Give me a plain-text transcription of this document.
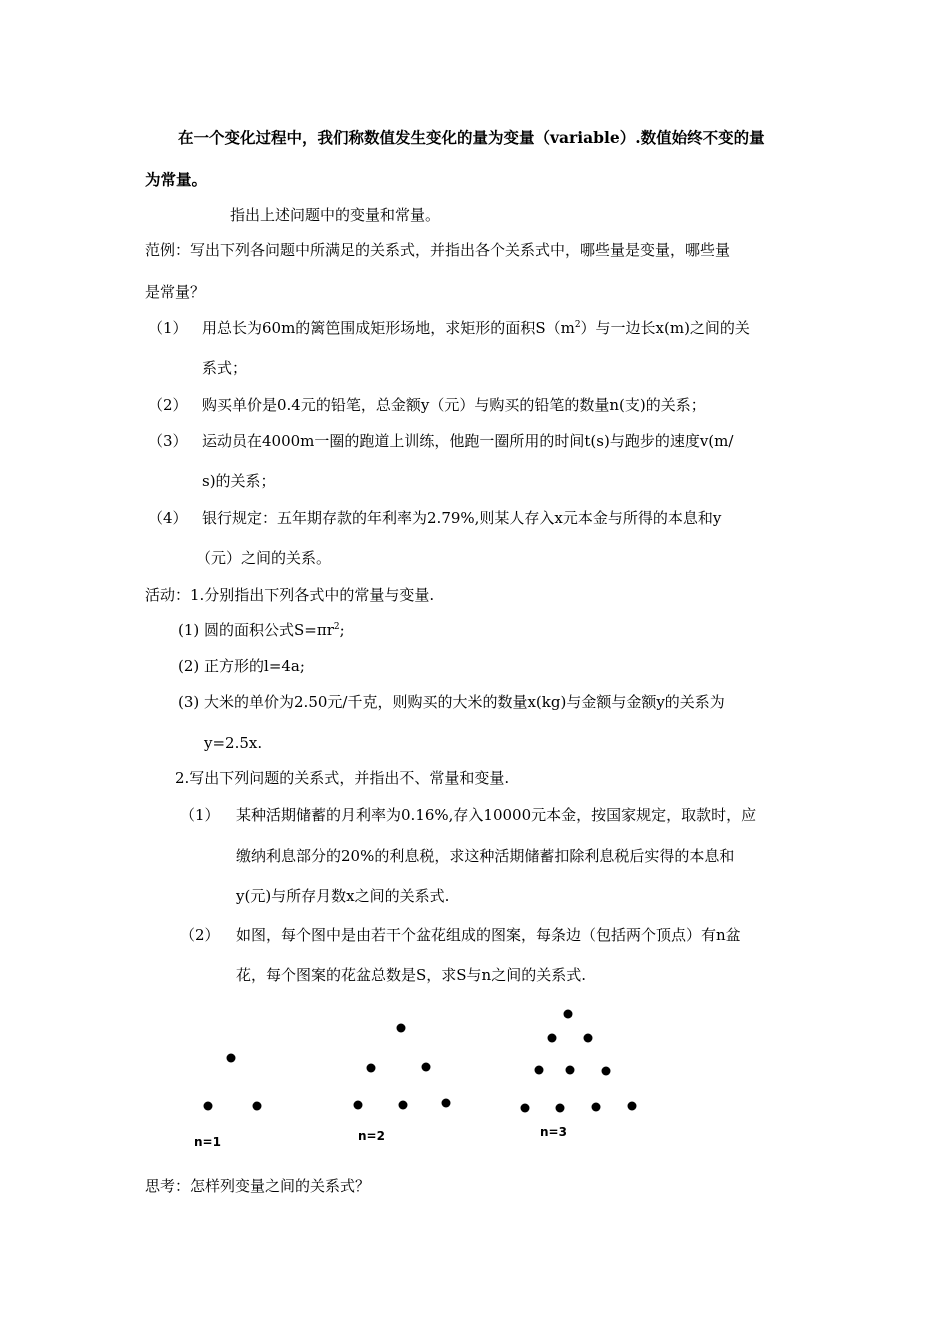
在一个变化过程中，我们称数值发生变化的量为变量（variable）.数值始终不变的量
为常量。
指出上述问题中的变量和常量。
范例：写出下列各问题中所满足的关系式，并指出各个关系式中，哪些量是变量，哪些量
是常量？
（1） 用总长为60m的篱笆围成矩形场地，求矩形的面积$S(m^2)$与一边长x(m)之间的关
系式；
（2） 购买单价是0.4元的铅笔，总金额y（元）与购买的铅笔的数量n(支)的关系；
（3） 运动员在4000m一圈的跑道上训练，他跑一圈所用的时间t(s)与跑步的速度v(m/
s)的关系；
（4） 银行规定：五年期存款的年利率为2.79%,则某人存入x元本金与所得的本息和y
（元）之间的关系。
活动：1.分别指出下列各式中的常量与变量.
(1) 圆的面积公式$S=\pi r^2$;
(2) 正方形的l=4a;
(3) 大米的单价为2.50元/千克，则购买的大米的数量x(kg)与金额与金额y的关系为
y=2.5x.
2.写出下列问题的关系式，并指出不、常量和变量.
（1） 某种活期储蓄的月利率为0.16%,存入10000元本金，按国家规定，取款时，应
缴纳利息部分的20%的利息税，求这种活期储蓄扣除利息税后实得的本息和
y(元)与所存月数x之间的关系式.
（2） 如图，每个图中是由若干个盆花组成的图案，每条边（包括两个顶点）有n盆
花，每个图案的花盆总数是S，求S与n之间的关系式.
n=1	n=2	n=3
思考：怎样列变量之间的关系式？
